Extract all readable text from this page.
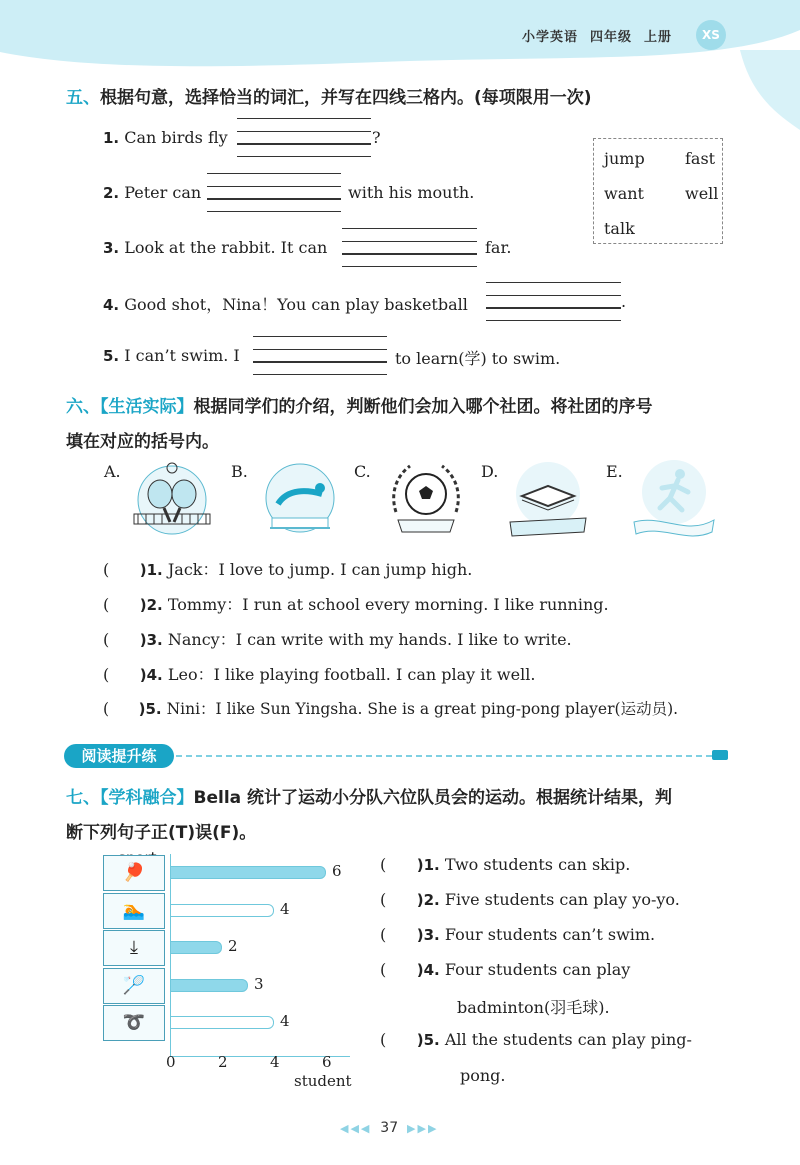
小学英语 四年级 上册	XS
五、根据句意，选择恰当的词汇，并写在四线三格内。(每项限用一次)
1. Can birds fly	?
2. Peter can	with his mouth.
3. Look at the rabbit. It can	far.
4. Good shot，Nina！You can play basketball	.
5. I can’t swim. I	to learn(学) to swim.
jump	fast
want	well
talk
六、【生活实际】根据同学们的介绍，判断他们会加入哪个社团。将社团的序号
填在对应的括号内。
A.	B.	C.	D.	E.
( )1. Jack：I love to jump. I can jump high.
( )2. Tommy：I run at school every morning. I like running.
( )3. Nancy：I can write with my hands. I like to write.
( )4. Leo：I like playing football. I can play it well.
( )5. Nini：I like Sun Yingsha. She is a great ping-pong player(运动员).
阅读提升练
七、【学科融合】Bella 统计了运动小分队六位队员会的运动。根据统计结果，判
断下列句子正(T)误(F)。
🏓	6
🏊	4
⤓	2
🏸	3
➰	4
0	2	4	6
student
( )1. Two students can skip.
( )2. Five students can play yo-yo.
( )3. Four students can’t swim.
( )4. Four students can play
badminton(羽毛球).
( )5. All the students can play ping-
pong.
◀◀◀ 37 ▶▶▶
